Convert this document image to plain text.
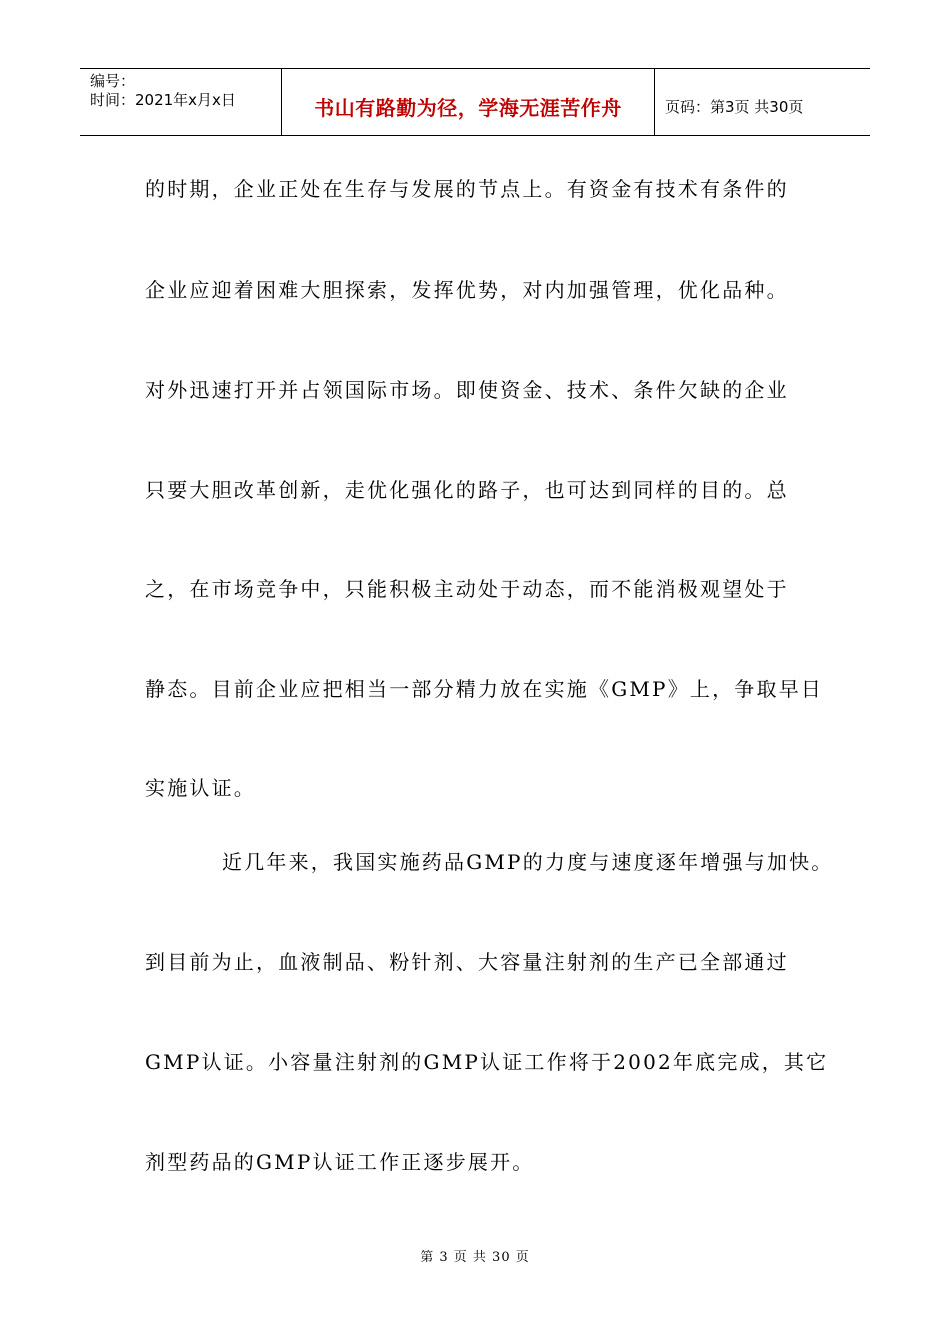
编号：
时间：2021年x月x日	书山有路勤为径，学海无涯苦作舟	页码：第3页 共30页
的时期，企业正处在生存与发展的节点上。有资金有技术有条件的
企业应迎着困难大胆探索，发挥优势，对内加强管理，优化品种。
对外迅速打开并占领国际市场。即使资金、技术、条件欠缺的企业
只要大胆改革创新，走优化强化的路子，也可达到同样的目的。总
之，在市场竞争中，只能积极主动处于动态，而不能消极观望处于
静态。目前企业应把相当一部分精力放在实施《GMP》上，争取早日
实施认证。
近几年来，我国实施药品GMP的力度与速度逐年增强与加快。
到目前为止，血液制品、粉针剂、大容量注射剂的生产已全部通过
GMP认证。小容量注射剂的GMP认证工作将于2002年底完成，其它
剂型药品的GMP认证工作正逐步展开。
第 3 页 共 30 页
